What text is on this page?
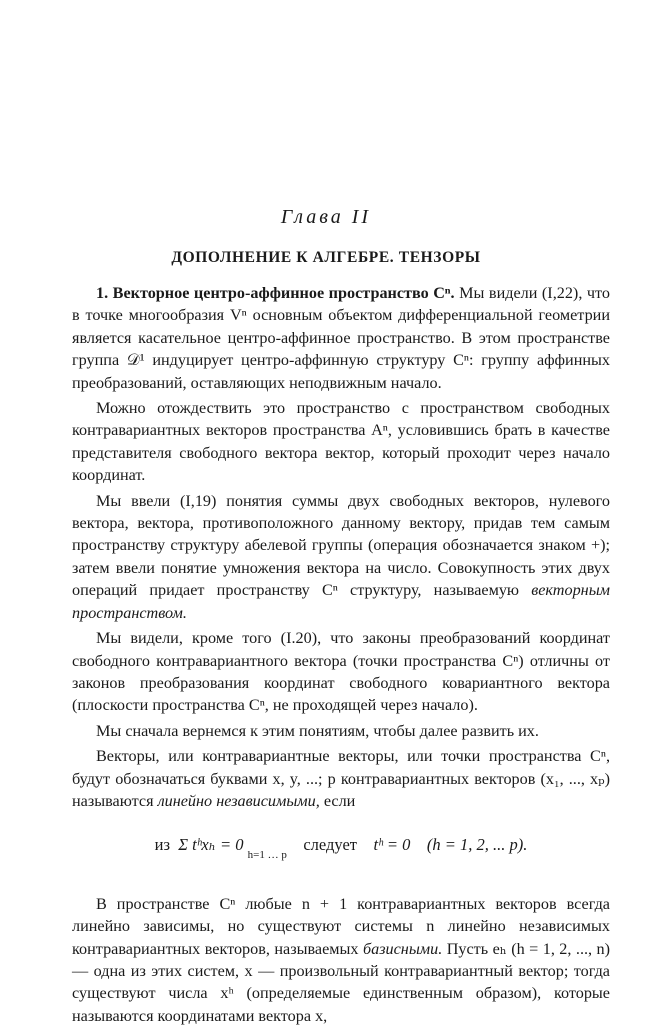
Глава II
ДОПОЛНЕНИЕ К АЛГЕБРЕ. ТЕНЗОРЫ

1. Векторное центро-аффинное пространство Cⁿ. Мы видели (I,22), что в точке многообразия Vⁿ основным объектом дифференциальной геометрии является касательное центро-аффинное пространство. В этом пространстве группа 𝒟¹ индуцирует центро-аффинную структуру Cⁿ: группу аффинных преобразований, оставляющих неподвижным начало.

Можно отождествить это пространство с пространством свободных контравариантных векторов пространства Aⁿ, условившись брать в качестве представителя свободного вектора вектор, который проходит через начало координат.

Мы ввели (I,19) понятия суммы двух свободных векторов, нулевого вектора, вектора, противоположного данному вектору, придав тем самым пространству структуру абелевой группы (операция обозначается знаком +); затем ввели понятие умножения вектора на число. Совокупность этих двух операций придает пространству Cⁿ структуру, называемую векторным пространством.

Мы видели, кроме того (I.20), что законы преобразований координат свободного контравариантного вектора (точки пространства Cⁿ) отличны от законов преобразования координат свободного ковариантного вектора (плоскости пространства Cⁿ, не проходящей через начало).

Мы сначала вернемся к этим понятиям, чтобы далее развить их.

Векторы, или контравариантные векторы, или точки пространства Cⁿ, будут обозначаться буквами x, y, ...; p контравариантных векторов (x₁, ..., xₚ) называются линейно независимыми, если

из Σ tʰxₕ = 0 $_{h=1 \dots p}$    следует tʰ = 0 (h = 1, 2, ... p).

В пространстве Cⁿ любые n + 1 контравариантных векторов всегда линейно зависимы, но существуют системы n линейно независимых контравариантных векторов, называемых базисными. Пусть eₕ (h = 1, 2, ..., n) — одна из этих систем, x — произвольный контравариантный вектор; тогда существуют числа xʰ (определяемые единственным образом), которые называются координатами вектора x,
